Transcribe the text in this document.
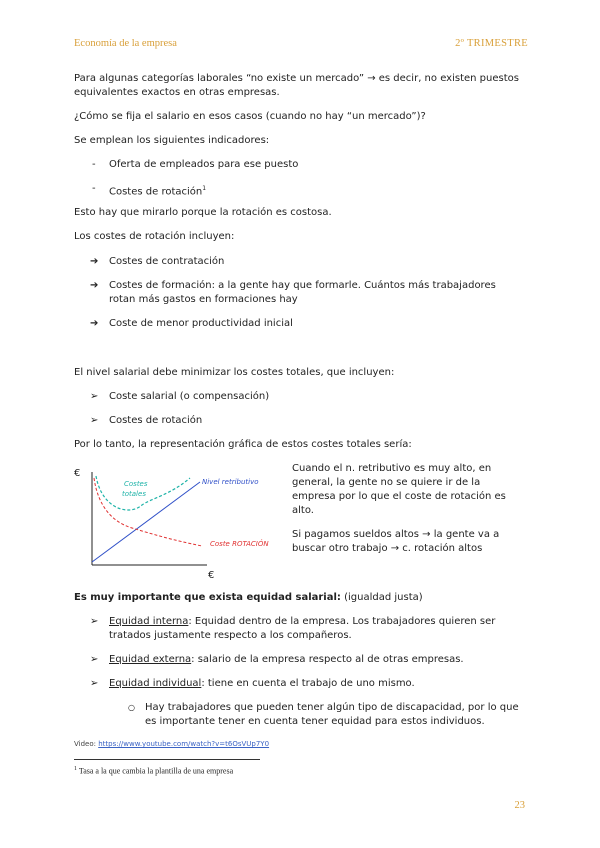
Economía de la empresa	2º TRIMESTRE
Para algunas categorías laborales “no existe un mercado” → es decir, no existen puestos
equivalentes exactos en otras empresas.
¿Cómo se fija el salario en esos casos (cuando no hay “un mercado”)?
Se emplean los siguientes indicadores:
- Oferta de empleados para ese puesto
- Costes de rotación$^1$
Esto hay que mirarlo porque la rotación es costosa.
Los costes de rotación incluyen:
➔ Costes de contratación
➔ Costes de formación: a la gente hay que formarle. Cuántos más trabajadores
rotan más gastos en formaciones hay
➔ Coste de menor productividad inicial
El nivel salarial debe minimizar los costes totales, que incluyen:
➢ Coste salarial (o compensación)
➢ Costes de rotación
Por lo tanto, la representación gráfica de estos costes totales sería:
€
€
Costes
totales
Nivel retributivo
Coste ROTACIÓN
Cuando el n. retributivo es muy alto, en
general, la gente no se quiere ir de la
empresa por lo que el coste de rotación es
alto.
Si pagamos sueldos altos → la gente va a
buscar otro trabajo → c. rotación altos
Es muy importante que exista equidad salarial: (igualdad justa)
➢ Equidad interna: Equidad dentro de la empresa. Los trabajadores quieren ser
tratados justamente respecto a los compañeros.
➢ Equidad externa: salario de la empresa respecto al de otras empresas.
➢ Equidad individual: tiene en cuenta el trabajo de uno mismo.
○ Hay trabajadores que pueden tener algún tipo de discapacidad, por lo que
es importante tener en cuenta tener equidad para estos individuos.
Video: https://www.youtube.com/watch?v=t6OsVUp7Y0
$^1$ Tasa a la que cambia la plantilla de una empresa
23
